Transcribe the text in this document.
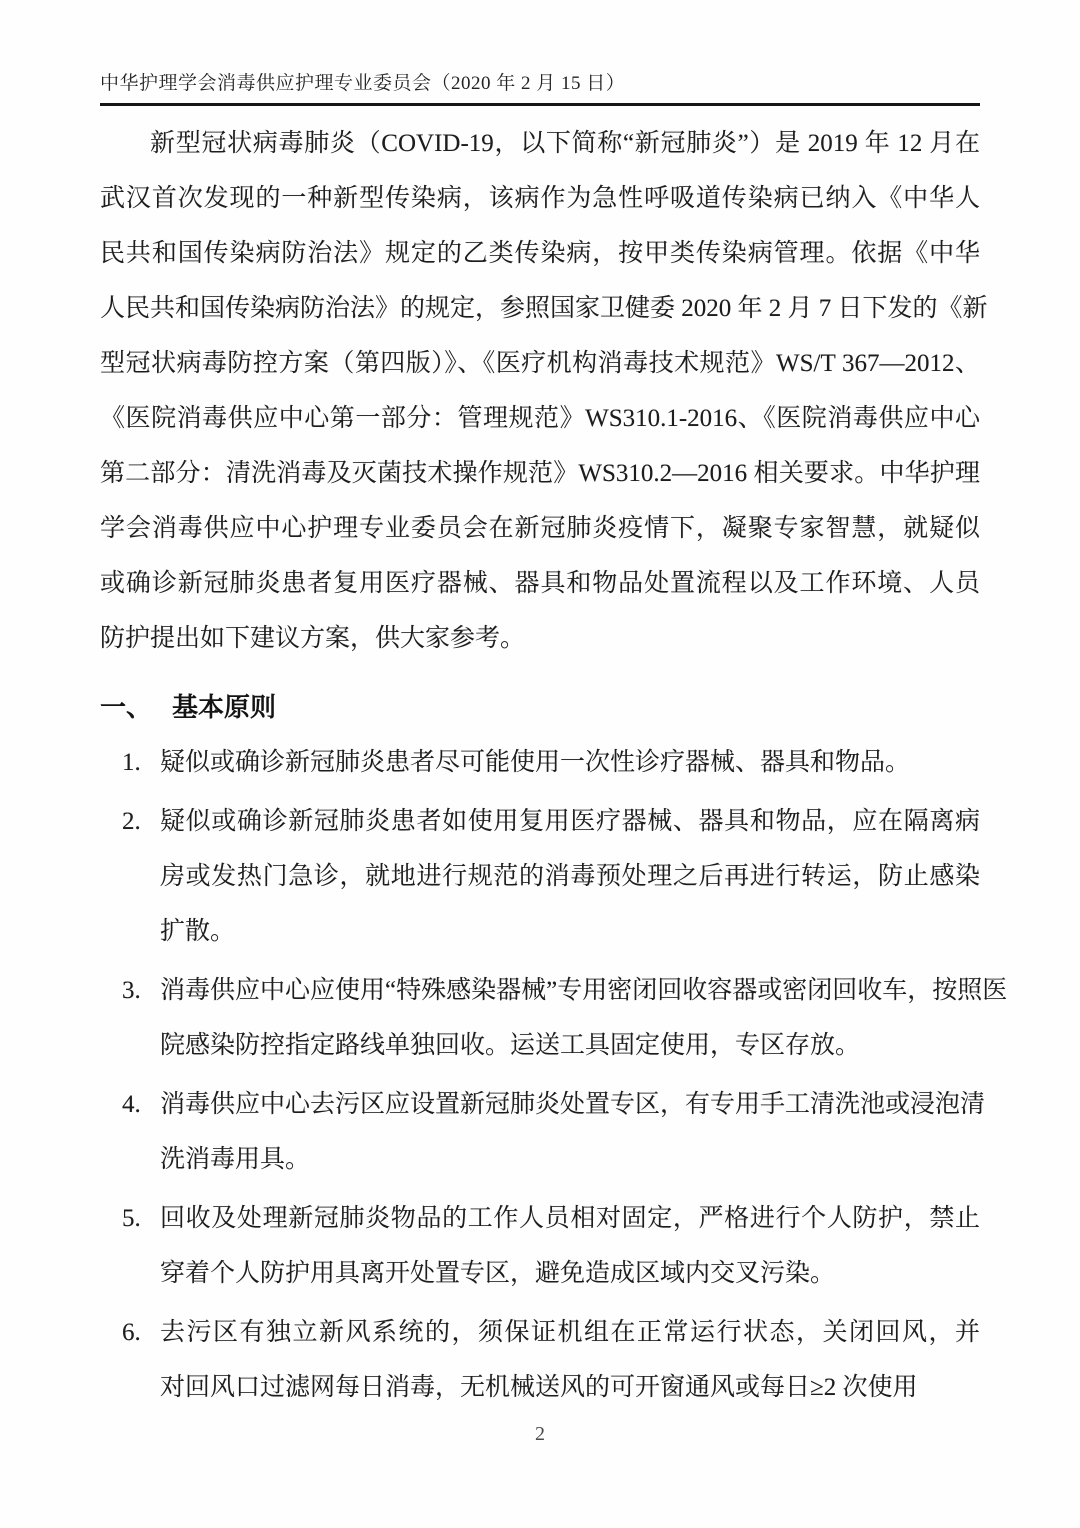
中华护理学会消毒供应护理专业委员会（2020 年 2 月 15 日）
新型冠状病毒肺炎（COVID-19，以下简称“新冠肺炎”）是 2019 年 12 月在
武汉首次发现的一种新型传染病，该病作为急性呼吸道传染病已纳入《中华人
民共和国传染病防治法》规定的乙类传染病，按甲类传染病管理。依据《中华
人民共和国传染病防治法》的规定，参照国家卫健委 2020 年 2 月 7 日下发的《新
型冠状病毒防控方案（第四版）》、《医疗机构消毒技术规范》WS/T 367—2012、
《医院消毒供应中心第一部分：管理规范》WS310.1-2016、《医院消毒供应中心
第二部分：清洗消毒及灭菌技术操作规范》WS310.2—2016 相关要求。中华护理
学会消毒供应中心护理专业委员会在新冠肺炎疫情下，凝聚专家智慧，就疑似
或确诊新冠肺炎患者复用医疗器械、器具和物品处置流程以及工作环境、人员
防护提出如下建议方案，供大家参考。
一、 基本原则
1. 疑似或确诊新冠肺炎患者尽可能使用一次性诊疗器械、器具和物品。
2. 疑似或确诊新冠肺炎患者如使用复用医疗器械、器具和物品，应在隔离病
房或发热门急诊，就地进行规范的消毒预处理之后再进行转运，防止感染
扩散。
3. 消毒供应中心应使用“特殊感染器械”专用密闭回收容器或密闭回收车，按照医
院感染防控指定路线单独回收。运送工具固定使用，专区存放。
4. 消毒供应中心去污区应设置新冠肺炎处置专区，有专用手工清洗池或浸泡清
洗消毒用具。
5. 回收及处理新冠肺炎物品的工作人员相对固定，严格进行个人防护，禁止
穿着个人防护用具离开处置专区，避免造成区域内交叉污染。
6. 去污区有独立新风系统的，须保证机组在正常运行状态，关闭回风，并
对回风口过滤网每日消毒，无机械送风的可开窗通风或每日≥2 次使用
2
